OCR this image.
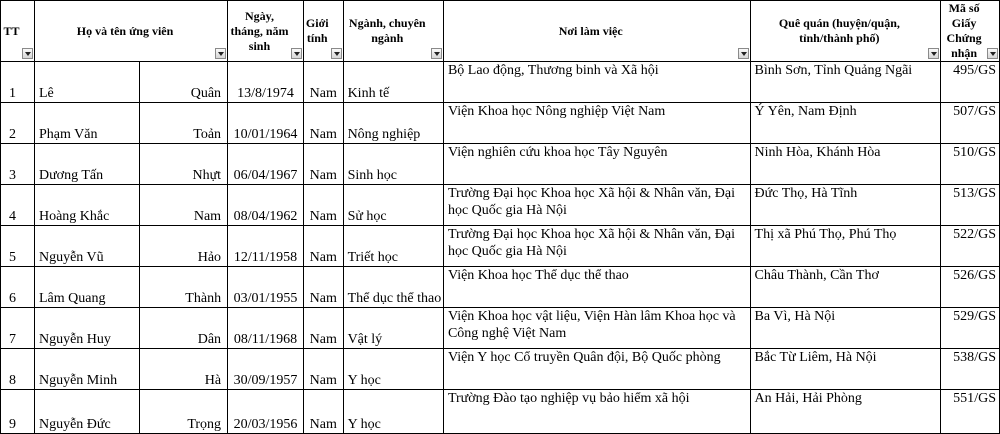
TT	Họ và tên ứng viên		Ngày, tháng, năm sinh	Giới tính	Ngành, chuyên ngành	Nơi làm việc	Quê quán (huyện/quận, tỉnh/thành phố)	Mã số Giấy Chứng nhận

1	Lê	Quân	13/8/1974	Nam	Kinh tế	Bộ Lao động, Thương binh và Xã hội	Bình Sơn, Tỉnh Quảng Ngãi	495 /GS

2	Phạm Văn	Toản	10/01/1964	Nam	Nông nghiệp	Viện Khoa học Nông nghiệp Việt Nam	Ý Yên, Nam Định	507 /GS

3	Dương Tấn	Nhựt	06/04/1967	Nam	Sinh học	Viện nghiên cứu khoa học Tây Nguyên	Ninh Hòa, Khánh Hòa	510 /GS

4	Hoàng Khắc	Nam	08/04/1962	Nam	Sử học	Trường Đại học Khoa học Xã hội & Nhân văn, Đại học Quốc gia Hà Nội	Đức Thọ, Hà Tĩnh	513 /GS

5	Nguyễn Vũ	Hảo	12/11/1958	Nam	Triết học	Trường Đại học Khoa học Xã hội & Nhân văn, Đại học Quốc gia Hà Nội	Thị xã Phú Thọ, Phú Thọ	522 /GS

6	Lâm Quang	Thành	03/01/1955	Nam	Thể dục thể thao	Viện Khoa học Thể dục thể thao	Châu Thành, Cần Thơ	526 /GS

7	Nguyễn Huy	Dân	08/11/1968	Nam	Vật lý	Viện Khoa học vật liệu, Viện Hàn lâm Khoa học và Công nghệ Việt Nam	Ba Vì, Hà Nội	529 /GS

8	Nguyễn Minh	Hà	30/09/1957	Nam	Y học	Viện Y học Cổ truyền Quân đội, Bộ Quốc phòng	Bắc Từ Liêm, Hà Nội	538 /GS

9	Nguyễn Đức	Trọng	20/03/1956	Nam	Y học	Trường Đào tạo nghiệp vụ bảo hiểm xã hội	An Hải, Hải Phòng	551 /GS
